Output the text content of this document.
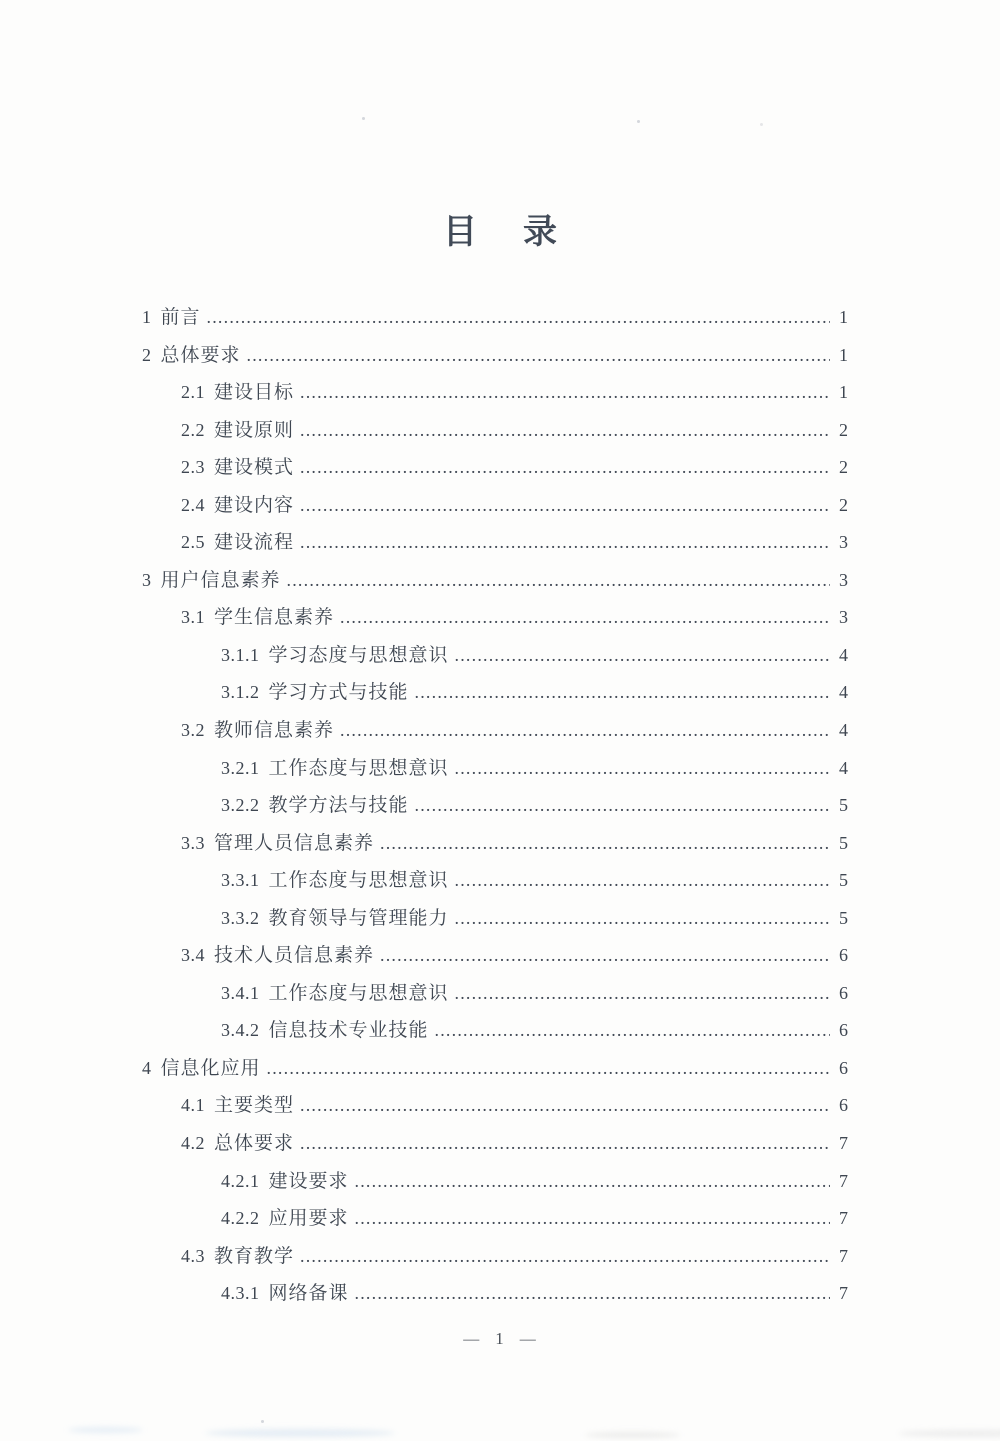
目 录
1 前言 .....	1
2 总体要求 .....	1
2.1 建设目标 .....	1
2.2 建设原则 .....	2
2.3 建设模式 .....	2
2.4 建设内容 .....	2
2.5 建设流程 .....	3
3 用户信息素养 .....	3
3.1 学生信息素养 .....	3
3.1.1 学习态度与思想意识 .....	4
3.1.2 学习方式与技能 .....	4
3.2 教师信息素养 .....	4
3.2.1 工作态度与思想意识 .....	4
3.2.2 教学方法与技能 .....	5
3.3 管理人员信息素养 .....	5
3.3.1 工作态度与思想意识 .....	5
3.3.2 教育领导与管理能力 .....	5
3.4 技术人员信息素养 .....	6
3.4.1 工作态度与思想意识 .....	6
3.4.2 信息技术专业技能 .....	6
4 信息化应用 .....	6
4.1 主要类型 .....	6
4.2 总体要求 .....	7
4.2.1 建设要求 .....	7
4.2.2 应用要求 .....	7
4.3 教育教学 .....	7
4.3.1 网络备课 .....	7
— 1 —
